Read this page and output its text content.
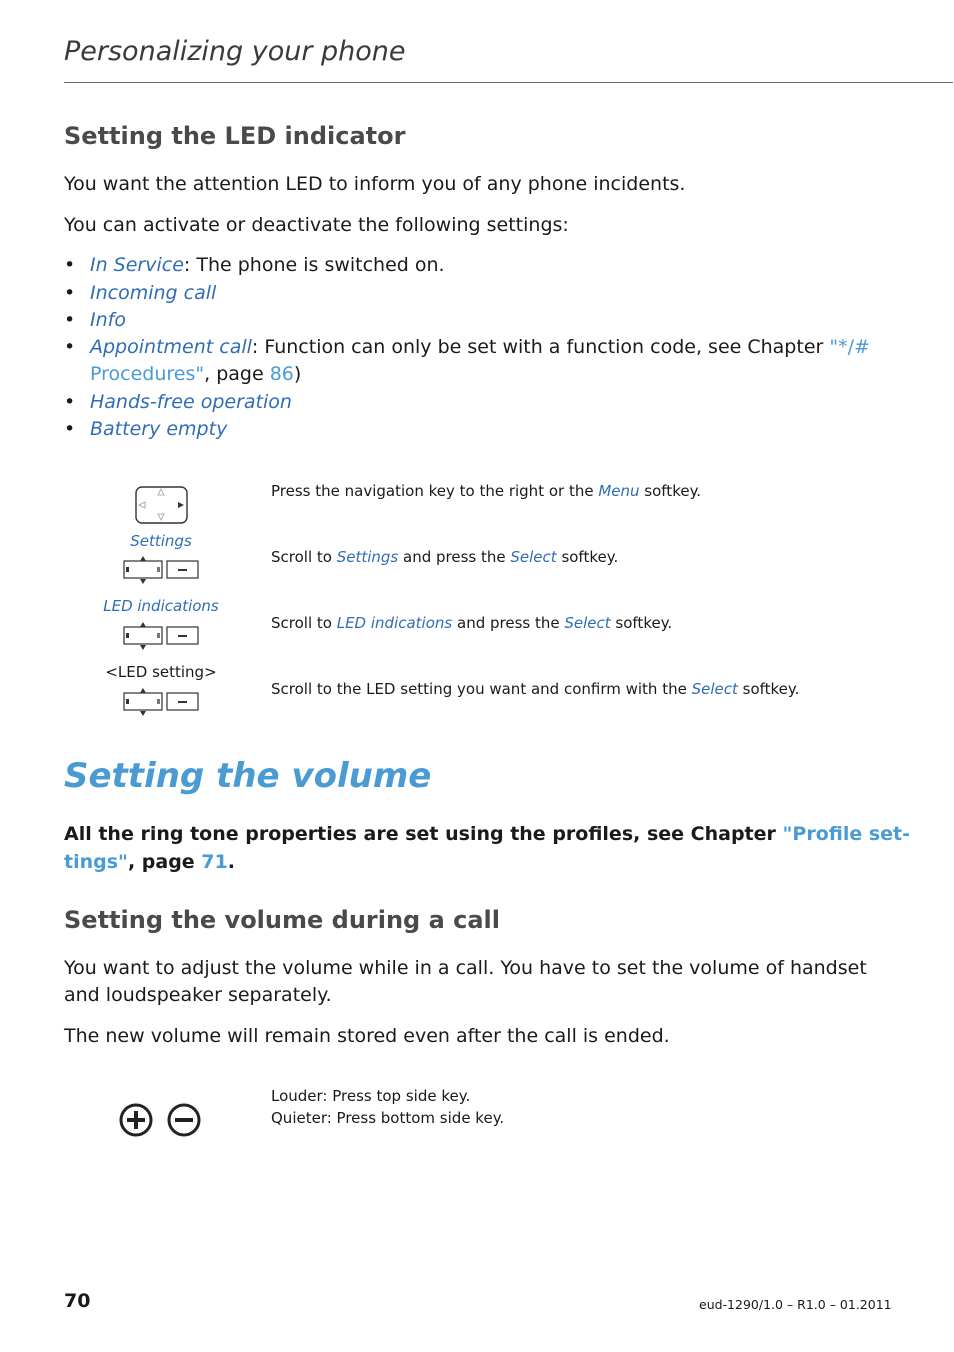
Personalizing your phone
Setting the LED indicator
You want the attention LED to inform you of any phone incidents.
You can activate or deactivate the following settings:
• In Service: The phone is switched on.
• Incoming call
• Info
• Appointment call: Function can only be set with a function code, see Chapter "*/#
Procedures", page 86)
• Hands-free operation
• Battery empty
Settings
LED indications
<LED setting>
Press the navigation key to the right or the Menu softkey.
Scroll to Settings and press the Select softkey.
Scroll to LED indications and press the Select softkey.
Scroll to the LED setting you want and confirm with the Select softkey.
Setting the volume
All the ring tone properties are set using the profiles, see Chapter "Profile set-
tings", page 71.
Setting the volume during a call
You want to adjust the volume while in a call. You have to set the volume of handset
and loudspeaker separately.
The new volume will remain stored even after the call is ended.
Louder: Press top side key.
Quieter: Press bottom side key.
70	eud-1290/1.0 – R1.0 – 01.2011
